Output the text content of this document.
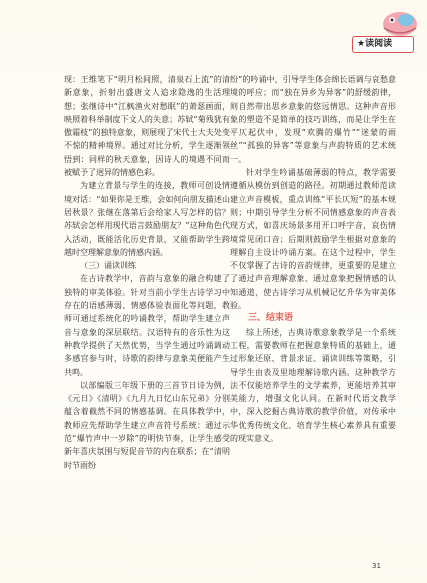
★读阅读

现：王维笔下“明月松间照，清泉石上流”的清新意象，折射出盛唐文人追求隐逸的生活理想；张继诗中“江枫渔火对愁眠”的萧瑟画面，映照着科举制度下文人的失意；苏轼“菊残犹有傲霜枝”的独特意象，则展现了宋代士大夫处变不惊的精神境界。通过对比分析，学生逐渐领悟到：同样的秋天意象，因诗人的境遇不同而被赋予了迥异的情感色彩。

为建立背景与学生的连接，教师可创设情境对话：“如果你是王维，会如何向朋友描述山居秋景？张继在落第后会给家人写怎样的信？苏轼会怎样用现代语言鼓励朋友？”这种角色代入活动，既能活化历史背景，又能帮助学生跨越时空理解意象的情感内涵。

（三）诵读训练

在古诗教学中，音韵与意象的融合构建了独特的审美体验。针对当前小学生古诗学习中存在的语感薄弱、情感体验表面化等问题，教师可通过系统化的吟诵教学，帮助学生建立声音与意象的深层联结。汉语特有的音乐性为这种教学提供了天然优势，当学生通过吟诵调动多感官参与时，诗歌的韵律与意象美便能产生共鸣。

以部编版三年级下册的三首节日诗为例，《元日》《清明》《九月九日忆山东兄弟》分别蕴含着截然不同的情感基调。在具体教学中，教师应先帮助学生建立声音符号系统：通过示范“爆竹声中一岁除”的明快节奏，让学生感受新年喜庆氛围与短促音节的内在联系；在“清明时节雨纷

纷”的吟诵中，引导学生体会绵长语调与哀愁意境的呼应；而“独在异乡为异客”的舒缓韵律，则自然带出思乡意象的悠远情思。这种声音形象的塑造不是简单的技巧训练，而是让学生在平仄起伏中，发现“欢腾的爆竹”“迷蒙的雨丝”“孤独的异客”等意象与声韵特质的艺术统一。

针对学生吟诵基础薄弱的特点，教学需要遵循从模仿到创造的路径。初期通过教师范读建立声音模板，重点训练“平长仄短”的基本规则；中期引导学生分析不同情感意象的声音表现方式，如喜庆场景多用开口呼字音，哀伤情境常见闭口音；后期则鼓励学生根据对意象的理解自主设计吟诵方案。在这个过程中，学生不仅掌握了古诗的音韵规律，更重要的是建立了通过声音理解意象、通过意象把握情感的认知通道，使古诗学习从机械记忆升华为审美体验。

三、结束语

综上所述，古典诗歌意象教学是一个系统工程，需要教师在把握意象特质的基础上，通过形象还原、背景求证、诵读训练等策略，引导学生由表及里地理解诗歌内涵。这种教学方法不仅能培养学生的文学素养，更能培养其审美能力，增强文化认同。在新时代语文教学中，深入挖掘古典诗歌的教学价值，对传承中华优秀传统文化、培育学生核心素养具有重要的现实意义。

31
